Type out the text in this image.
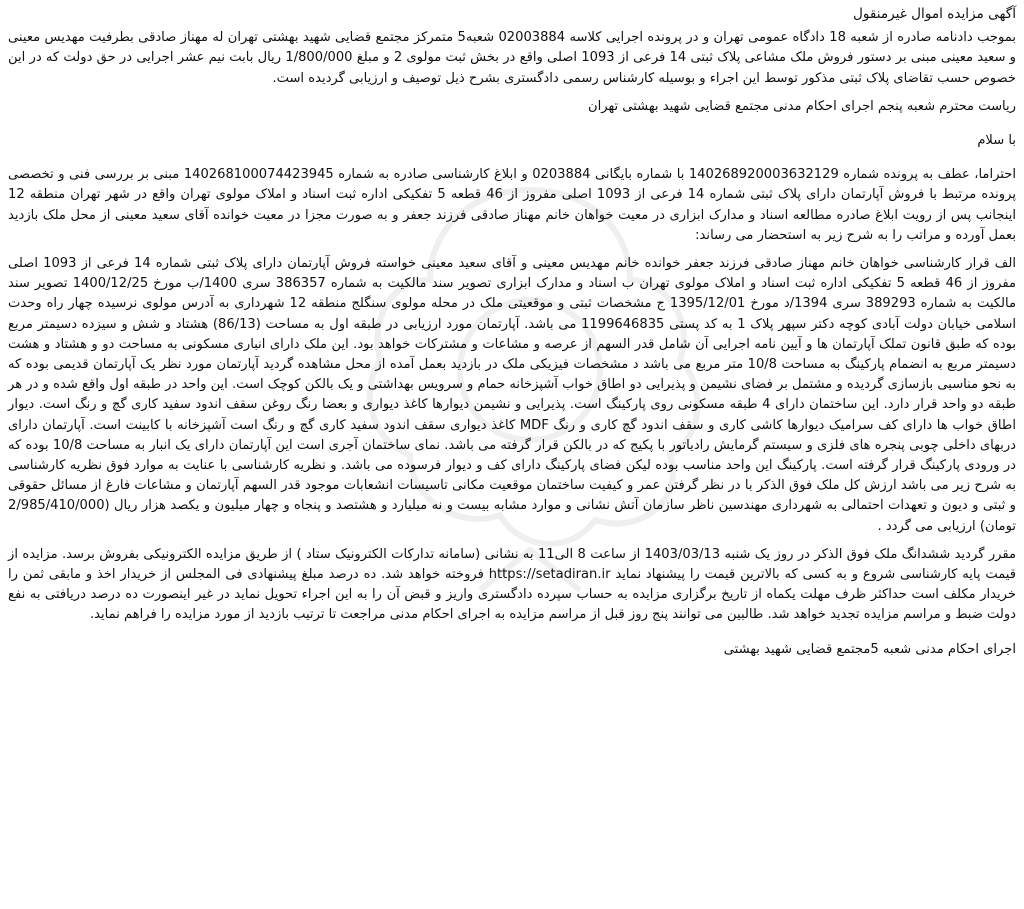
آگهی مزایده اموال غیرمنقول

بموجب دادنامه صادره از شعبه 18 دادگاه عمومی تهران و در پرونده اجرایی کلاسه 02003884 شعبه5 متمرکز مجتمع قضایی شهید بهشتی تهران له مهناز صادقی بطرفیت مهدیس معینی و سعید معینی مبنی بر دستور فروش ملک مشاعی پلاک ثبتی 14 فرعی از 1093 اصلی واقع در بخش ثبت مولوی 2 و مبلغ 1/800/000 ریال بابت نیم عشر اجرایی در حق دولت که در این خصوص حسب تقاضای پلاک ثبتی مذکور توسط این اجراء و بوسیله کارشناس رسمی دادگستری بشرح ذیل توصیف و ارزیابی گردیده است.

ریاست محترم شعبه پنجم اجرای احکام مدنی مجتمع قضایی شهید بهشتی تهران

با سلام

احتراما، عطف به پرونده شماره 140268920003632129 با شماره بایگانی 0203884 و ابلاغ کارشناسی صادره به شماره 140268100074423945 مبنی بر بررسی فنی و تخصصی پرونده مرتبط با فروش آپارتمان دارای پلاک ثبتی شماره 14 فرعی از 1093 اصلی مفروز از 46 قطعه 5 تفکیکی اداره ثبت اسناد و املاک مولوی تهران واقع در شهر تهران منطقه 12 اینجانب پس از رویت ابلاغ صادره مطالعه اسناد و مدارک ابزاری در معیت خواهان خانم مهناز صادقی فرزند جعفر و به صورت مجزا در معیت خوانده آقای سعید معینی از محل ملک بازدید بعمل آورده و مراتب را به شرح زیر به استحضار می رساند:

الف قرار کارشناسی خواهان خانم مهناز صادقی فرزند جعفر خوانده خانم مهدیس معینی و آقای سعید معینی خواسته فروش آپارتمان دارای پلاک ثبتی شماره 14 فرعی از 1093 اصلی مفروز از 46 قطعه 5 تفکیکی اداره ثبت اسناد و املاک مولوی تهران ب اسناد و مدارک ابزاری تصویر سند مالکیت به شماره 386357 سری 1400/ب مورخ 1400/12/25 تصویر سند مالکیت به شماره 389293 سری 1394/د مورخ 1395/12/01 ج مشخصات ثبتی و موقعیتی ملک در محله مولوی سنگلج منطقه 12 شهرداری به آدرس مولوی نرسیده چهار راه وحدت اسلامی خیابان دولت آبادی کوچه دکتر سپهر پلاک 1 به کد پستی 1199646835 می باشد. آپارتمان مورد ارزیابی در طبقه اول به مساحت (86/13) هشتاد و شش و سیزده دسیمتر مربع بوده که طبق قانون تملک آپارتمان ها و آیین نامه اجرایی آن شامل قدر السهم از عرصه و مشاعات و مشترکات خواهد بود. این ملک دارای انباری مسکونی به مساحت دو و هشتاد و هشت دسیمتر مربع به انضمام پارکینگ به مساحت 10/8 متر مربع می باشد د مشخصات فیزیکی ملک در بازدید بعمل آمده از محل مشاهده گردید آپارتمان مورد نظر یک آپارتمان قدیمی بوده که به نحو مناسبی بازسازی گردیده و مشتمل بر فضای نشیمن و پذیرایی دو اطاق خواب آشپزخانه حمام و سرویس بهداشتی و یک بالکن کوچک است. این واحد در طبقه اول واقع شده و در هر طبقه دو واحد قرار دارد. این ساختمان دارای 4 طبقه مسکونی روی پارکینگ است. پذیرایی و نشیمن دیوارها کاغذ دیواری و بعضا رنگ روغن سقف اندود سفید کاری گچ و رنگ است. دیوار اطاق خواب ها دارای کف سرامیک دیوارها کاشی کاری و سقف اندود گچ کاری و رنگ MDF کاغذ دیواری سقف اندود سفید کاری گچ و رنگ است آشپزخانه با کابینت است. آپارتمان دارای دربهای داخلی چوبی پنجره های فلزی و سیستم گرمایش رادیاتور با پکیج که در بالکن قرار گرفته می باشد. نمای ساختمان آجری است این آپارتمان دارای یک انبار به مساحت 10/8 بوده که در ورودی پارکینگ قرار گرفته است. پارکینگ این واحد مناسب بوده لیکن فضای پارکینگ دارای کف و دیوار فرسوده می باشد. و نظریه کارشناسی با عنایت به موارد فوق نظریه کارشناسی به شرح زیر می باشد ارزش کل ملک فوق الذکر با در نظر گرفتن عمر و کیفیت ساختمان موقعیت مکانی تاسیسات انشعابات موجود قدر السهم آپارتمان و مشاعات فارغ از مسائل حقوقی و ثبتی و دیون و تعهدات احتمالی به شهرداری مهندسین ناظر سازمان آتش نشانی و موارد مشابه بیست و نه میلیارد و هشتصد و پنجاه و چهار میلیون و یکصد هزار ریال (2/985/410/000 تومان) ارزیابی می گردد .

مقرر گردید ششدانگ ملک فوق الذکر در روز یک شنبه 1403/03/13 از ساعت 8 الی11 به نشانی (سامانه تدارکات الکترونیک ستاد ) از طریق مزایده الکترونیکی بفروش برسد. مزایده از قیمت پایه کارشناسی شروع و به کسی که بالاترین قیمت را پیشنهاد نماید https://setadiran.ir فروخته خواهد شد. ده درصد مبلغ پیشنهادی فی المجلس از خریدار اخذ و مابقی ثمن را خریدار مکلف است حداکثر ظرف مهلت یکماه از تاریخ برگزاری مزایده به حساب سپرده دادگستری واریز و قبض آن را به این اجراء تحویل نماید در غیر اینصورت ده درصد دریافتی به نفع دولت ضبط و مراسم مزایده تجدید خواهد شد. طالبین می توانند پنج روز قبل از مراسم مزایده به اجرای احکام مدنی مراجعت تا ترتیب بازدید از مورد مزایده را فراهم نماید.

اجرای احکام مدنی شعبه 5مجتمع قضایی شهید بهشتی
